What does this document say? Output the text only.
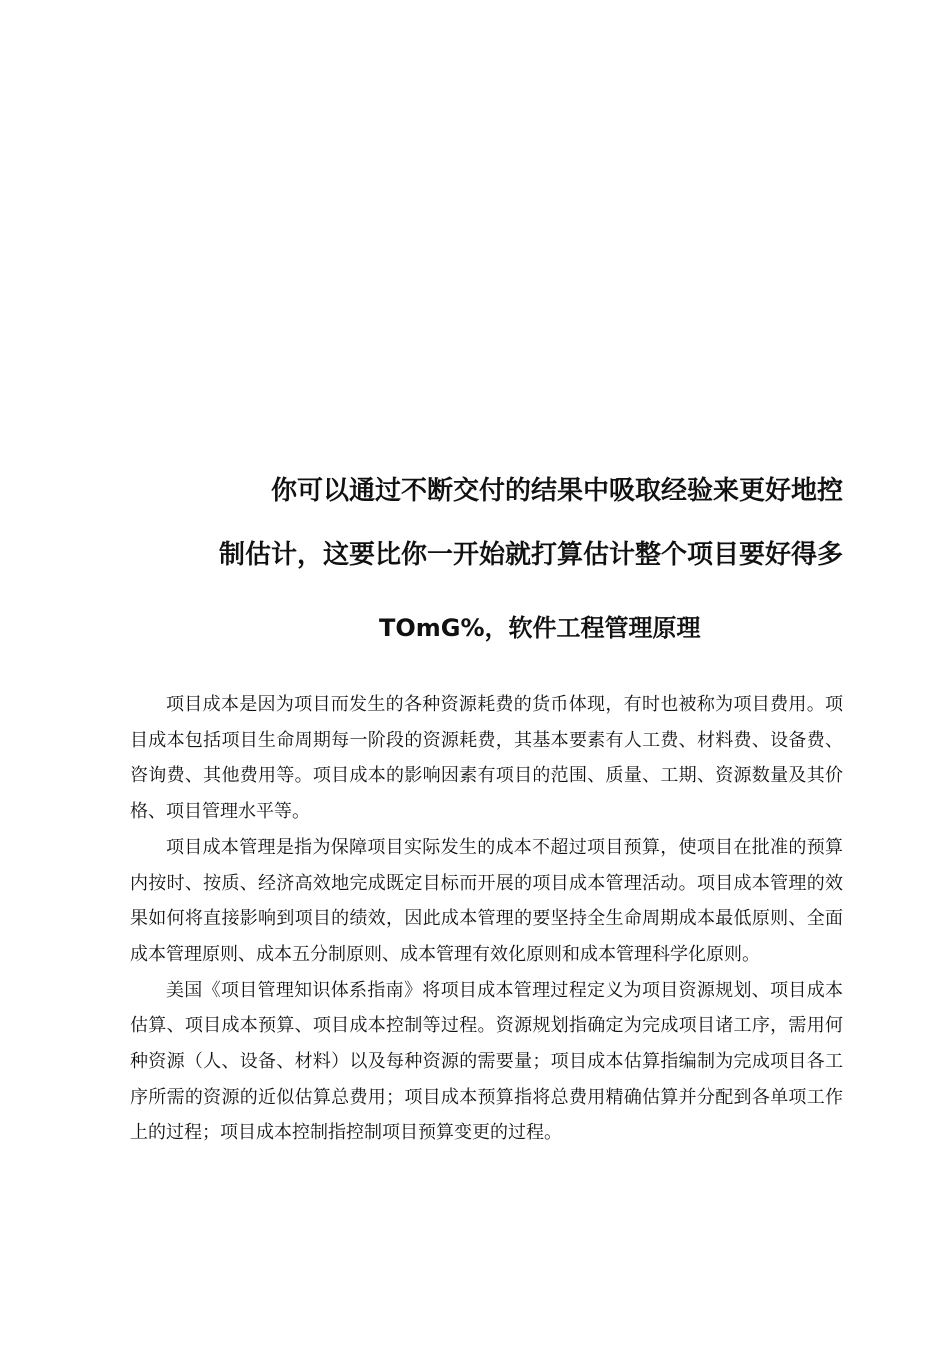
你可以通过不断交付的结果中吸取经验来更好地控

制估计，这要比你一开始就打算估计整个项目要好得多

TOmG%，软件工程管理原理

项目成本是因为项目而发生的各种资源耗费的货币体现，有时也被称为项目费用。项目成本包括项目生命周期每一阶段的资源耗费，其基本要素有人工费、材料费、设备费、咨询费、其他费用等。项目成本的影响因素有项目的范围、质量、工期、资源数量及其价格、项目管理水平等。

项目成本管理是指为保障项目实际发生的成本不超过项目预算，使项目在批准的预算内按时、按质、经济高效地完成既定目标而开展的项目成本管理活动。项目成本管理的效果如何将直接影响到项目的绩效，因此成本管理的要坚持全生命周期成本最低原则、全面成本管理原则、成本五分制原则、成本管理有效化原则和成本管理科学化原则。

美国《项目管理知识体系指南》将项目成本管理过程定义为项目资源规划、项目成本估算、项目成本预算、项目成本控制等过程。资源规划指确定为完成项目诸工序，需用何种资源（人、设备、材料）以及每种资源的需要量；项目成本估算指编制为完成项目各工序所需的资源的近似估算总费用；项目成本预算指将总费用精确估算并分配到各单项工作上的过程；项目成本控制指控制项目预算变更的过程。
